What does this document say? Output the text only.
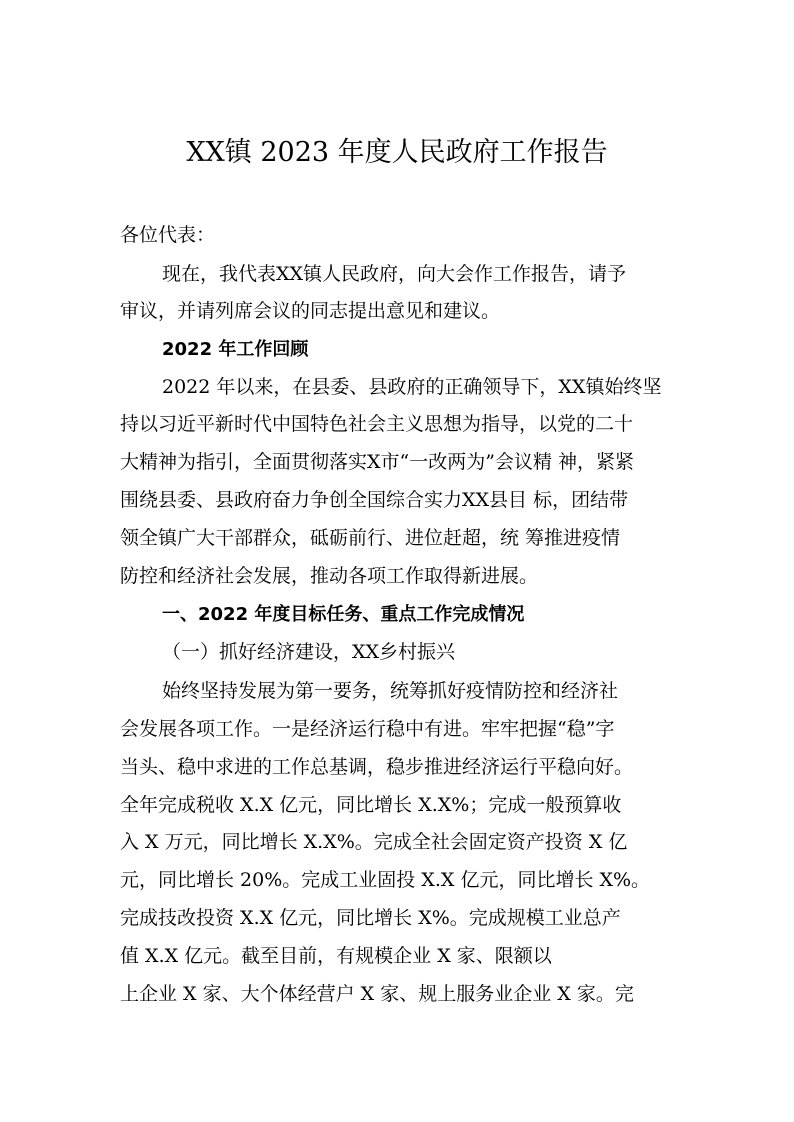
XX镇 2023 年度人民政府工作报告
各位代表：
现在，我代表XX镇人民政府，向大会作工作报告，请予
审议，并请列席会议的同志提出意见和建议。
2022 年工作回顾
2022 年以来，在县委、县政府的正确领导下，XX镇始终坚
持以习近平新时代中国特色社会主义思想为指导，以党的二十
大精神为指引，全面贯彻落实X市“一改两为”会议精 神，紧紧
围绕县委、县政府奋力争创全国综合实力XX县目 标，团结带
领全镇广大干部群众，砥砺前行、进位赶超，统 筹推进疫情
防控和经济社会发展，推动各项工作取得新进展。
一、2022 年度目标任务、重点工作完成情况
（一）抓好经济建设，XX乡村振兴
始终坚持发展为第一要务，统筹抓好疫情防控和经济社
会发展各项工作。一是经济运行稳中有进。牢牢把握“稳”字
当头、稳中求进的工作总基调，稳步推进经济运行平稳向好。
全年完成税收 X.X 亿元，同比增长 X.X%；完成一般预算收
入 X 万元，同比增长 X.X%。完成全社会固定资产投资 X 亿
元，同比增长 20%。完成工业固投 X.X 亿元，同比增长 X%。
完成技改投资 X.X 亿元，同比增长 X%。完成规模工业总产
值 X.X 亿元。截至目前，有规模企业 X 家、限额以
上企业 X 家、大个体经营户 X 家、规上服务业企业 X 家。完
